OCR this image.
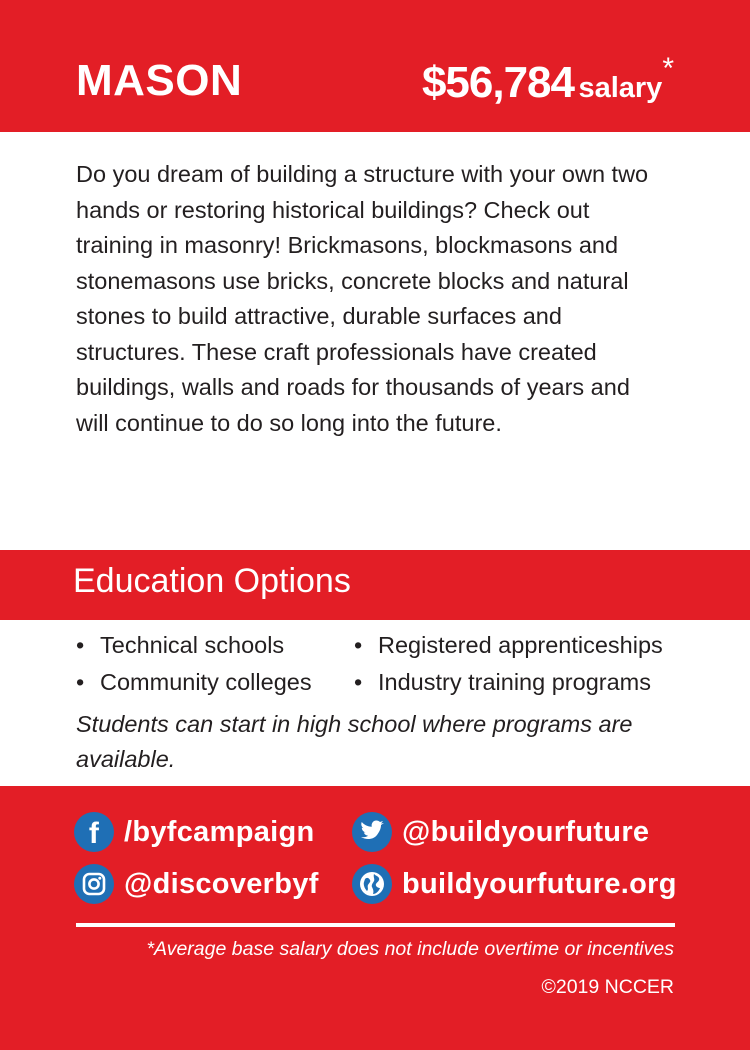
MASON	$56,784 salary*
Do you dream of building a structure with your own two hands or restoring historical buildings? Check out training in masonry! Brickmasons, blockmasons and stonemasons use bricks, concrete blocks and natural stones to build attractive, durable surfaces and structures. These craft professionals have created buildings, walls and roads for thousands of years and will continue to do so long into the future.
Education Options
• Technical schools	• Registered apprenticeships
• Community colleges • Industry training programs
Students can start in high school where programs are available.
f /byfcampaign	@buildyourfuture
@discoverbyf	buildyourfuture.org
*Average base salary does not include overtime or incentives
©2019 NCCER
